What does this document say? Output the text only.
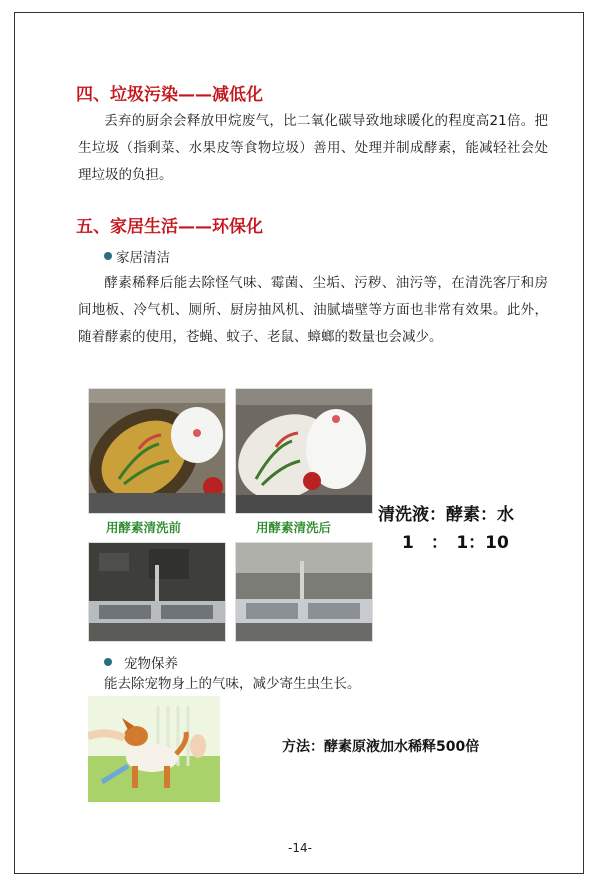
四、垃圾污染——减低化
丢弃的厨余会释放甲烷废气，比二氧化碳导致地球暖化的程度高21倍。把生垃圾（指剩菜、水果皮等食物垃圾）善用、处理并制成酵素，能减轻社会处理垃圾的负担。
五、家居生活——环保化
家居清洁
酵素稀释后能去除怪气味、霉菌、尘垢、污秽、油污等，在清洗客厅和房间地板、冷气机、厕所、厨房抽风机、油腻墙壁等方面也非常有效果。此外，随着酵素的使用，苍蝇、蚊子、老鼠、蟑螂的数量也会减少。
用酵素清洗前	用酵素清洗后
清洗液：酵素：水
1　：　1：10
宠物保养
能去除宠物身上的气味，减少寄生虫生长。
方法：酵素原液加水稀释500倍
-14-
